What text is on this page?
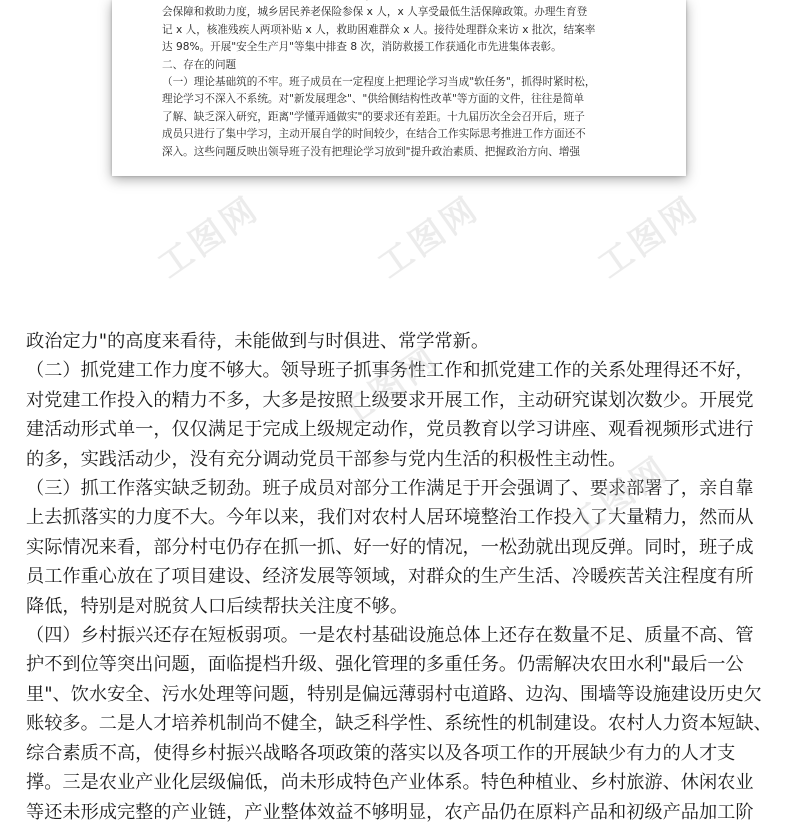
会保障和救助力度，城乡居民养老保险参保 x 人，x 人享受最低生活保障政策。办理生育登

记 x 人，核准残疾人两项补贴 x 人，救助困难群众 x 人。接待处理群众来访 x 批次，结案率

达 98%。开展"安全生产月"等集中排查 8 次，消防救援工作获通化市先进集体表彰。

二、存在的问题

（一）理论基础筑的不牢。班子成员在一定程度上把理论学习当成"软任务"，抓得时紧时松，

理论学习不深入不系统。对"新发展理念"、"供给侧结构性改革"等方面的文件，往往是简单

了解、缺乏深入研究，距离"学懂弄通做实"的要求还有差距。十九届历次全会召开后，班子

成员只进行了集中学习，主动开展自学的时间较少，在结合工作实际思考推进工作方面还不

深入。这些问题反映出领导班子没有把理论学习放到"提升政治素质、把握政治方向、增强

工图网	工图网	工图网
政治定力"的高度来看待，未能做到与时俱进、常学常新。
（二）抓党建工作力度不够大。领导班子抓事务性工作和抓党建工作的关系处理得还不好，
对党建工作投入的精力不多，大多是按照上级要求开展工作，主动研究谋划次数少。开展党
建活动形式单一，仅仅满足于完成上级规定动作，党员教育以学习讲座、观看视频形式进行
的多，实践活动少，没有充分调动党员干部参与党内生活的积极性主动性。
（三）抓工作落实缺乏韧劲。班子成员对部分工作满足于开会强调了、要求部署了，亲自靠
上去抓落实的力度不大。今年以来，我们对农村人居环境整治工作投入了大量精力，然而从
实际情况来看，部分村屯仍存在抓一抓、好一好的情况，一松劲就出现反弹。同时，班子成
员工作重心放在了项目建设、经济发展等领域，对群众的生产生活、冷暖疾苦关注程度有所
降低，特别是对脱贫人口后续帮扶关注度不够。
（四）乡村振兴还存在短板弱项。一是农村基础设施总体上还存在数量不足、质量不高、管
护不到位等突出问题，面临提档升级、强化管理的多重任务。仍需解决农田水利"最后一公
里"、饮水安全、污水处理等问题，特别是偏远薄弱村屯道路、边沟、围墙等设施建设历史欠
账较多。二是人才培养机制尚不健全，缺乏科学性、系统性的机制建设。农村人力资本短缺、
综合素质不高，使得乡村振兴战略各项政策的落实以及各项工作的开展缺少有力的人才支
撑。三是农业产业化层级偏低，尚未形成特色产业体系。特色种植业、乡村旅游、休闲农业
等还未形成完整的产业链，产业整体效益不够明显，农产品仍在原料产品和初级产品加工阶
工图网
工图网
